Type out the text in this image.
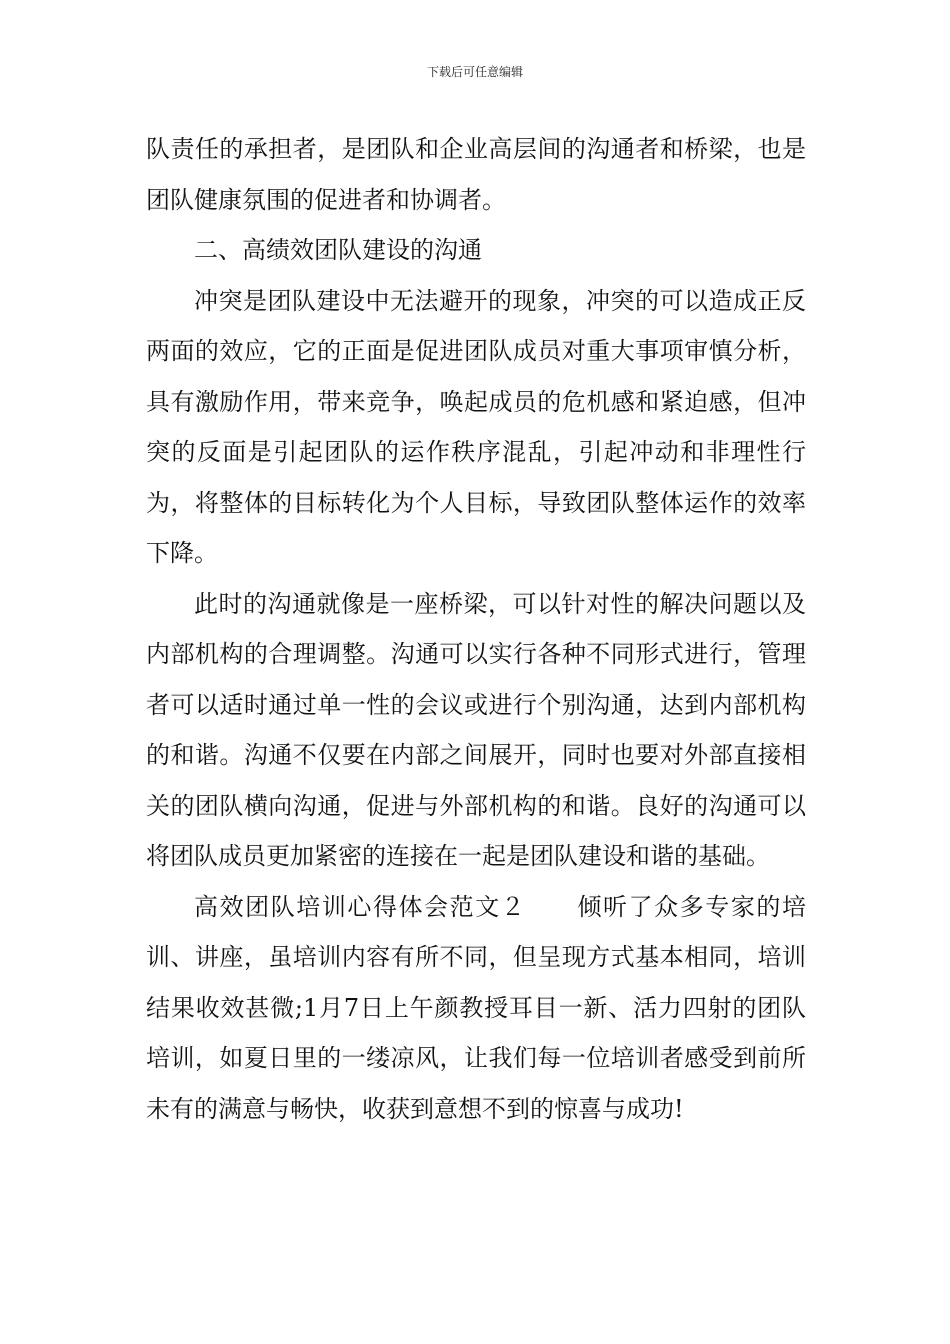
下载后可任意编辑

队责任的承担者，是团队和企业高层间的沟通者和桥梁，也是团队健康氛围的促进者和协调者。

二、高绩效团队建设的沟通

冲突是团队建设中无法避开的现象，冲突的可以造成正反两面的效应，它的正面是促进团队成员对重大事项审慎分析，具有激励作用，带来竞争，唤起成员的危机感和紧迫感，但冲突的反面是引起团队的运作秩序混乱，引起冲动和非理性行为，将整体的目标转化为个人目标，导致团队整体运作的效率下降。

此时的沟通就像是一座桥梁，可以针对性的解决问题以及内部机构的合理调整。沟通可以实行各种不同形式进行，管理者可以适时通过单一性的会议或进行个别沟通，达到内部机构的和谐。沟通不仅要在内部之间展开，同时也要对外部直接相关的团队横向沟通，促进与外部机构的和谐。良好的沟通可以将团队成员更加紧密的连接在一起是团队建设和谐的基础。

高效团队培训心得体会范文２　　倾听了众多专家的培训、讲座，虽培训内容有所不同，但呈现方式基本相同，培训结果收效甚微;1月7日上午颜教授耳目一新、活力四射的团队培训，如夏日里的一缕凉风，让我们每一位培训者感受到前所未有的满意与畅快，收获到意想不到的惊喜与成功!
